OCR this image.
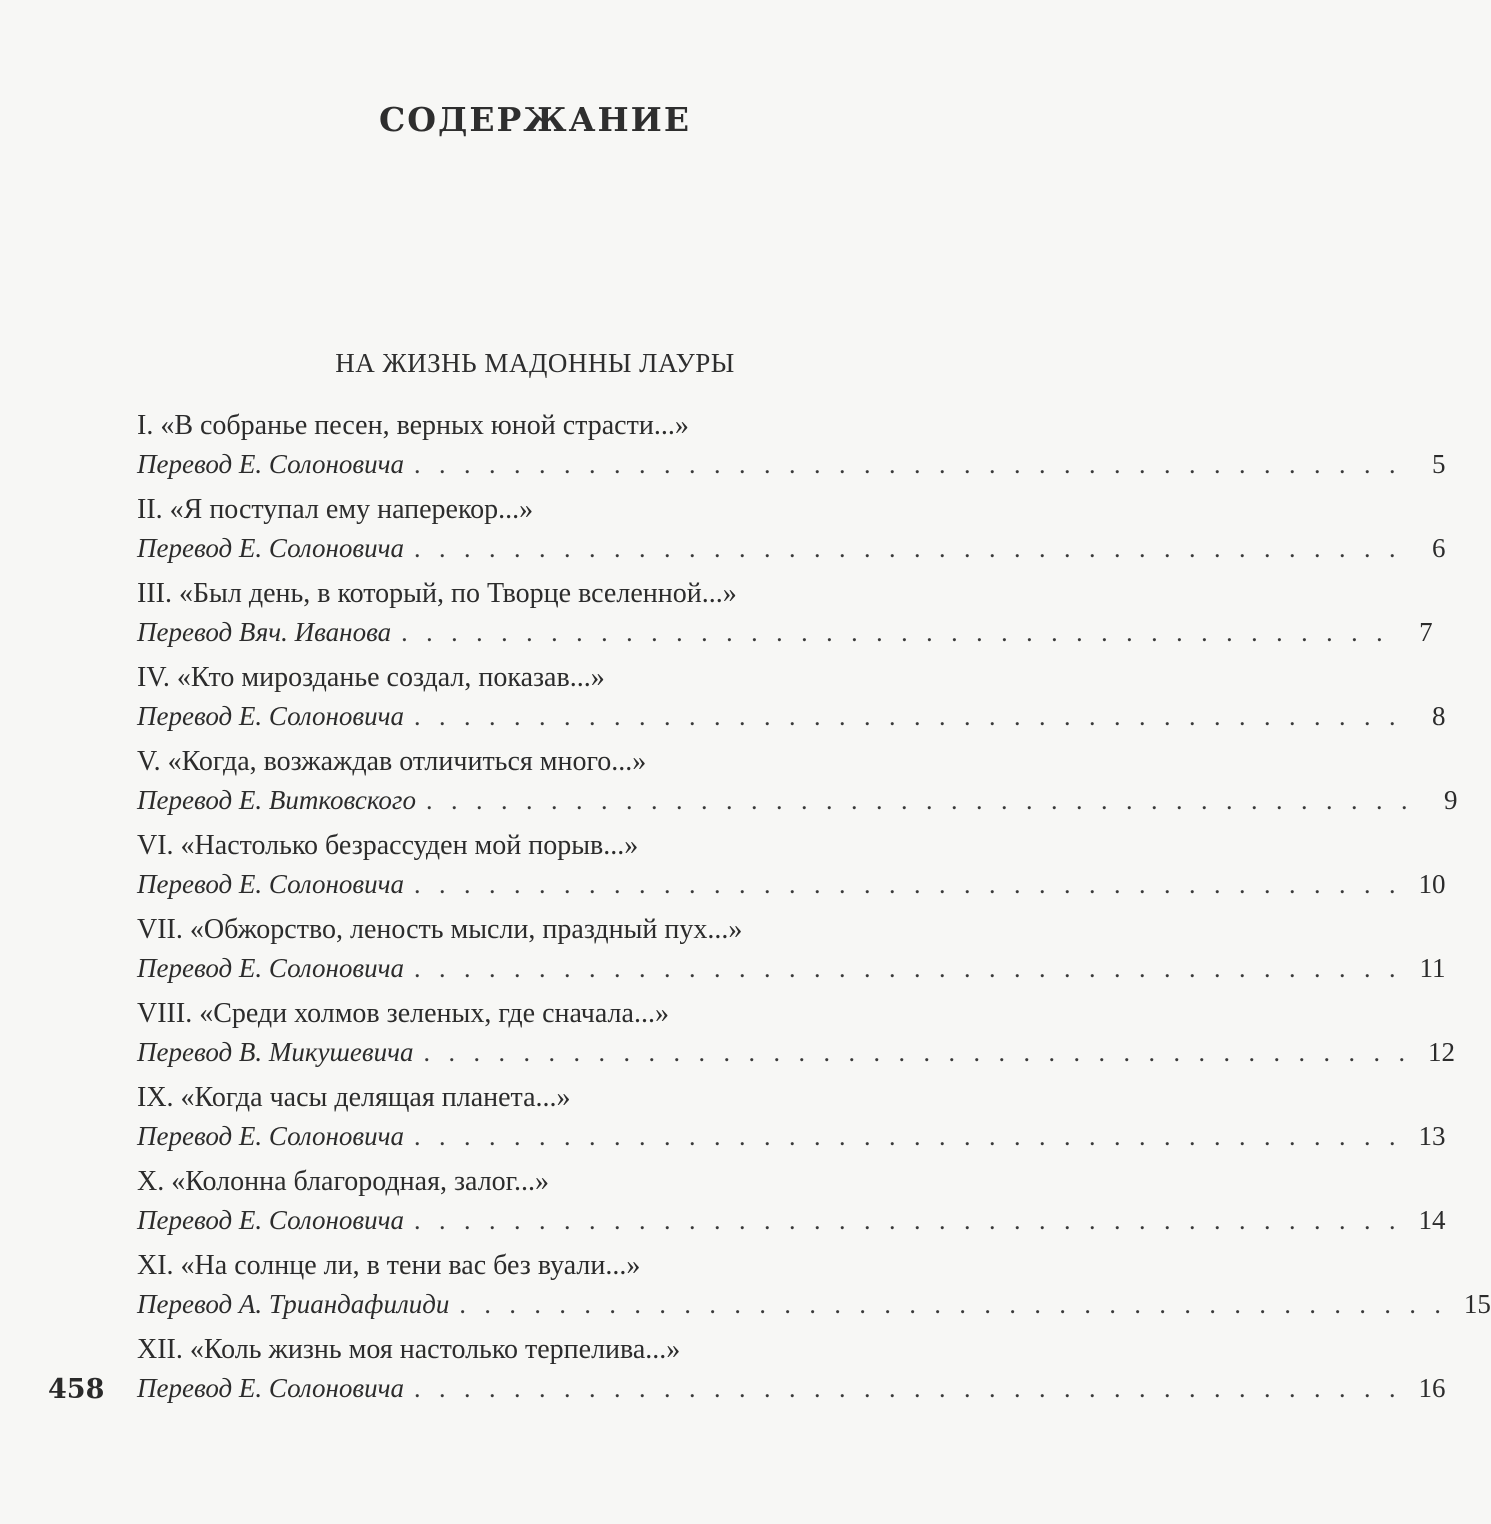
СОДЕРЖАНИЕ
НА ЖИЗНЬ МАДОННЫ ЛАУРЫ
I. «В собранье песен, верных юной страсти...»
Перевод Е. Солоновича . . . . . . . . . . . . . . . . . . . . . . . . . . . . . . . . . . . . . . . .	5
II. «Я поступал ему наперекор...»
Перевод Е. Солоновича . . . . . . . . . . . . . . . . . . . . . . . . . . . . . . . . . . . . . . . .	6
III. «Был день, в который, по Творце вселенной...»
Перевод Вяч. Иванова . . . . . . . . . . . . . . . . . . . . . . . . . . . . . . . . . . . . . . . .	7
IV. «Кто мирозданье создал, показав...»
Перевод Е. Солоновича . . . . . . . . . . . . . . . . . . . . . . . . . . . . . . . . . . . . . . . .	8
V. «Когда, возжаждав отличиться много...»
Перевод Е. Витковского . . . . . . . . . . . . . . . . . . . . . . . . . . . . . . . . . . . . . . . .	9
VI. «Настолько безрассуден мой порыв...»
Перевод Е. Солоновича . . . . . . . . . . . . . . . . . . . . . . . . . . . . . . . . . . . . . . . . 10
VII. «Обжорство, леность мысли, праздный пух...»
Перевод Е. Солоновича . . . . . . . . . . . . . . . . . . . . . . . . . . . . . . . . . . . . . . . . 11
VIII. «Среди холмов зеленых, где сначала...»
Перевод В. Микушевича . . . . . . . . . . . . . . . . . . . . . . . . . . . . . . . . . . . . . . . . 12
IX. «Когда часы делящая планета...»
Перевод Е. Солоновича . . . . . . . . . . . . . . . . . . . . . . . . . . . . . . . . . . . . . . . . 13
X. «Колонна благородная, залог...»
Перевод Е. Солоновича . . . . . . . . . . . . . . . . . . . . . . . . . . . . . . . . . . . . . . . . 14
XI. «На солнце ли, в тени вас без вуали...»
Перевод А. Триандафилиди . . . . . . . . . . . . . . . . . . . . . . . . . . . . . . . . . . . . . . . . 15
XII. «Коль жизнь моя настолько терпелива...»
Перевод Е. Солоновича . . . . . . . . . . . . . . . . . . . . . . . . . . . . . . . . . . . . . . . . 16
458
